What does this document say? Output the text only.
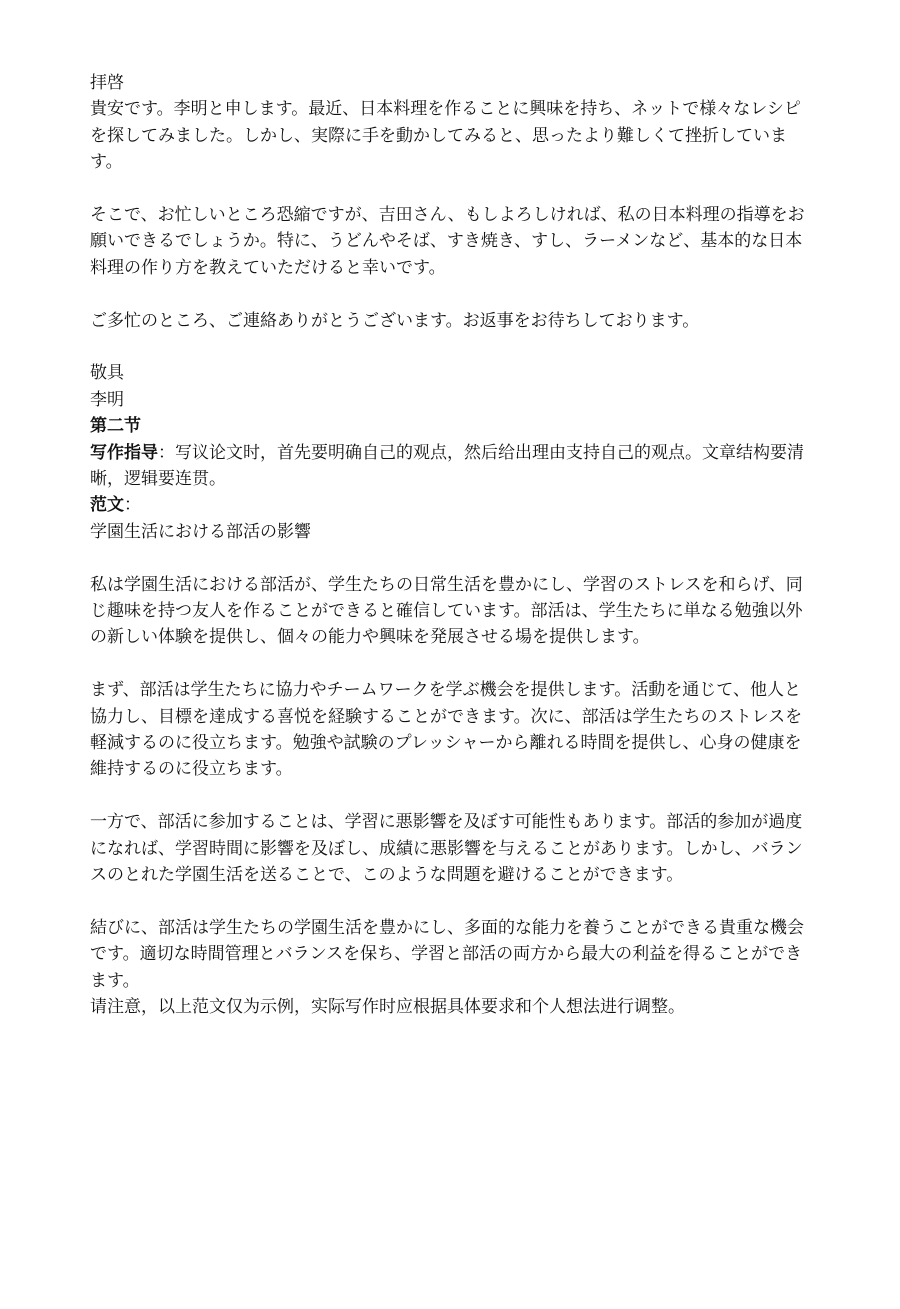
拝啓

貴安です。李明と申します。最近、日本料理を作ることに興味を持ち、ネットで様々なレシピを探してみました。しかし、実際に手を動かしてみると、思ったより難しくて挫折しています。

そこで、お忙しいところ恐縮ですが、吉田さん、もしよろしければ、私の日本料理の指導をお願いできるでしょうか。特に、うどんやそば、すき焼き、すし、ラーメンなど、基本的な日本料理の作り方を教えていただけると幸いです。

ご多忙のところ、ご連絡ありがとうございます。お返事をお待ちしております。

敬具

李明

第二节

写作指导：写议论文时，首先要明确自己的观点，然后给出理由支持自己的观点。文章结构要清晰，逻辑要连贯。

范文：

学園生活における部活の影響

私は学園生活における部活が、学生たちの日常生活を豊かにし、学習のストレスを和らげ、同じ趣味を持つ友人を作ることができると確信しています。部活は、学生たちに単なる勉強以外の新しい体験を提供し、個々の能力や興味を発展させる場を提供します。

まず、部活は学生たちに協力やチームワークを学ぶ機会を提供します。活動を通じて、他人と協力し、目標を達成する喜悦を経験することができます。次に、部活は学生たちのストレスを軽減するのに役立ちます。勉強や試験のプレッシャーから離れる時間を提供し、心身の健康を維持するのに役立ちます。

一方で、部活に参加することは、学習に悪影響を及ぼす可能性もあります。部活的参加が過度になれば、学習時間に影響を及ぼし、成績に悪影響を与えることがあります。しかし、バランスのとれた学園生活を送ることで、このような問題を避けることができます。

結びに、部活は学生たちの学園生活を豊かにし、多面的な能力を養うことができる貴重な機会です。適切な時間管理とバランスを保ち、学習と部活の両方から最大の利益を得ることができます。

请注意，以上范文仅为示例，实际写作时应根据具体要求和个人想法进行调整。
